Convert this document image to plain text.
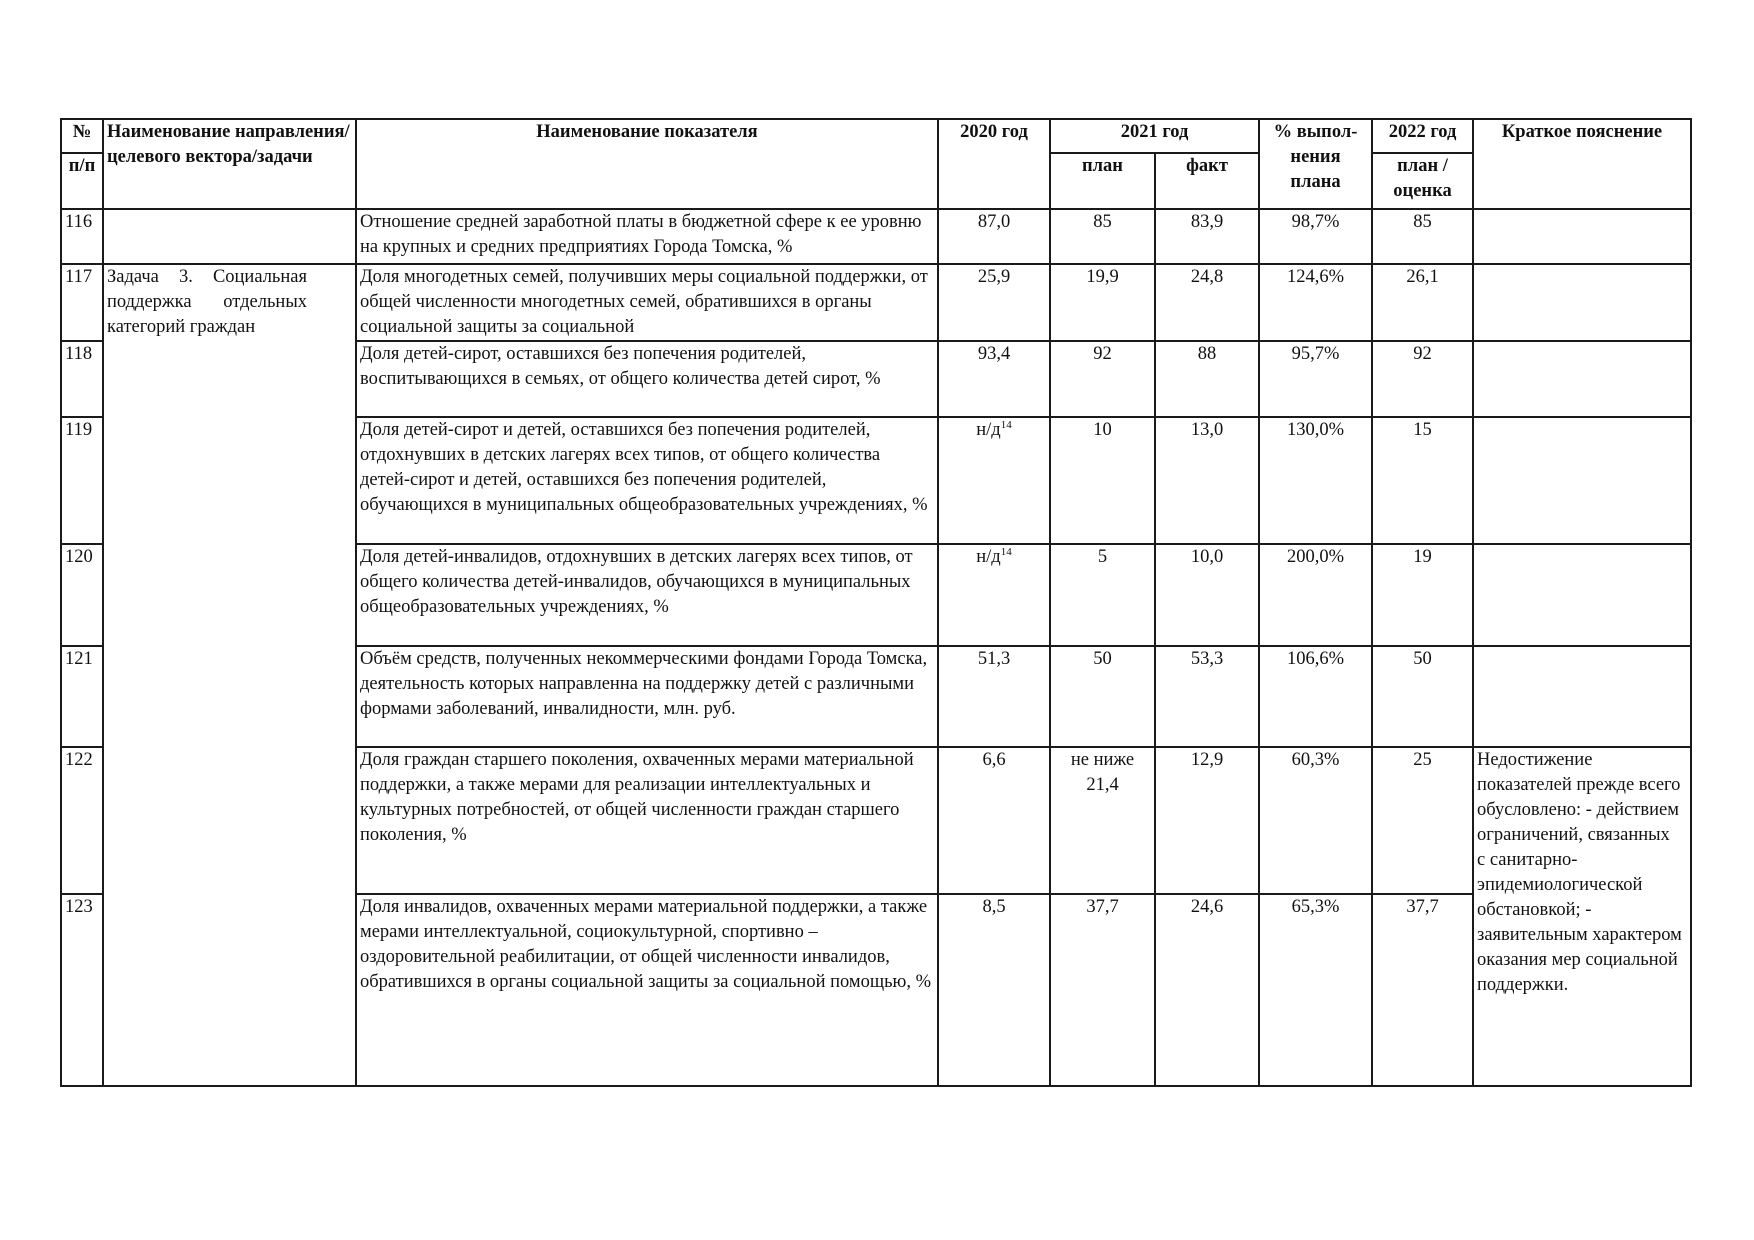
№	Наименование направления/целевого вектора/задачи	Наименование показателя	2020 год	2021 год		% выпол-нения плана	2022 год	Краткое пояснение
п/п				план	факт		план / оценка	
116		Отношение средней заработной платы в бюджетной сфере к ее уровню на крупных и средних предприятиях Города Томска, %	87,0	85	83,9	98,7%	85	
117	Задача 3. Социальная поддержка отдельных категорий граждан	Доля многодетных семей, получивших меры социальной поддержки, от общей численности многодетных семей, обратившихся в органы социальной защиты за социальной	25,9	19,9	24,8	124,6%	26,1	
118		Доля детей-сирот, оставшихся без попечения родителей, воспитывающихся в семьях, от общего количества детей сирот, %	93,4	92	88	95,7%	92	
119		Доля детей-сирот и детей, оставшихся без попечения родителей, отдохнувших в детских лагерях всех типов, от общего количества детей-сирот и детей, оставшихся без попечения родителей, обучающихся в муниципальных общеобразовательных учреждениях, %	$н/д^{14}$	10	13,0	130,0%	15	
120		Доля детей-инвалидов, отдохнувших в детских лагерях всех типов, от общего количества детей-инвалидов, обучающихся в муниципальных общеобразовательных учреждениях, %	$н/д^{14}$	5	10,0	200,0%	19	
121		Объём средств, полученных некоммерческими фондами Города Томска, деятельность которых направленна на поддержку детей с различными формами заболеваний, инвалидности, млн. руб.	51,3	50	53,3	106,6%	50	
122		Доля граждан старшего поколения, охваченных мерами материальной поддержки, а также мерами для реализации интеллектуальных и культурных потребностей, от общей численности граждан старшего поколения, %	6,6	не ниже 21,4	12,9	60,3%	25	Недостижение показателей прежде всего обусловлено: - действием ограничений, связанных с санитарно-эпидемиологической обстановкой; - заявительным характером оказания мер социальной поддержки.

123		Доля инвалидов, охваченных мерами материальной поддержки, а также мерами интеллектуальной, социокультурной, спортивно – оздоровительной реабилитации, от общей численности инвалидов, обратившихся в органы социальной защиты за социальной помощью, %	8,5	37,7	24,6	65,3%	37,7	
